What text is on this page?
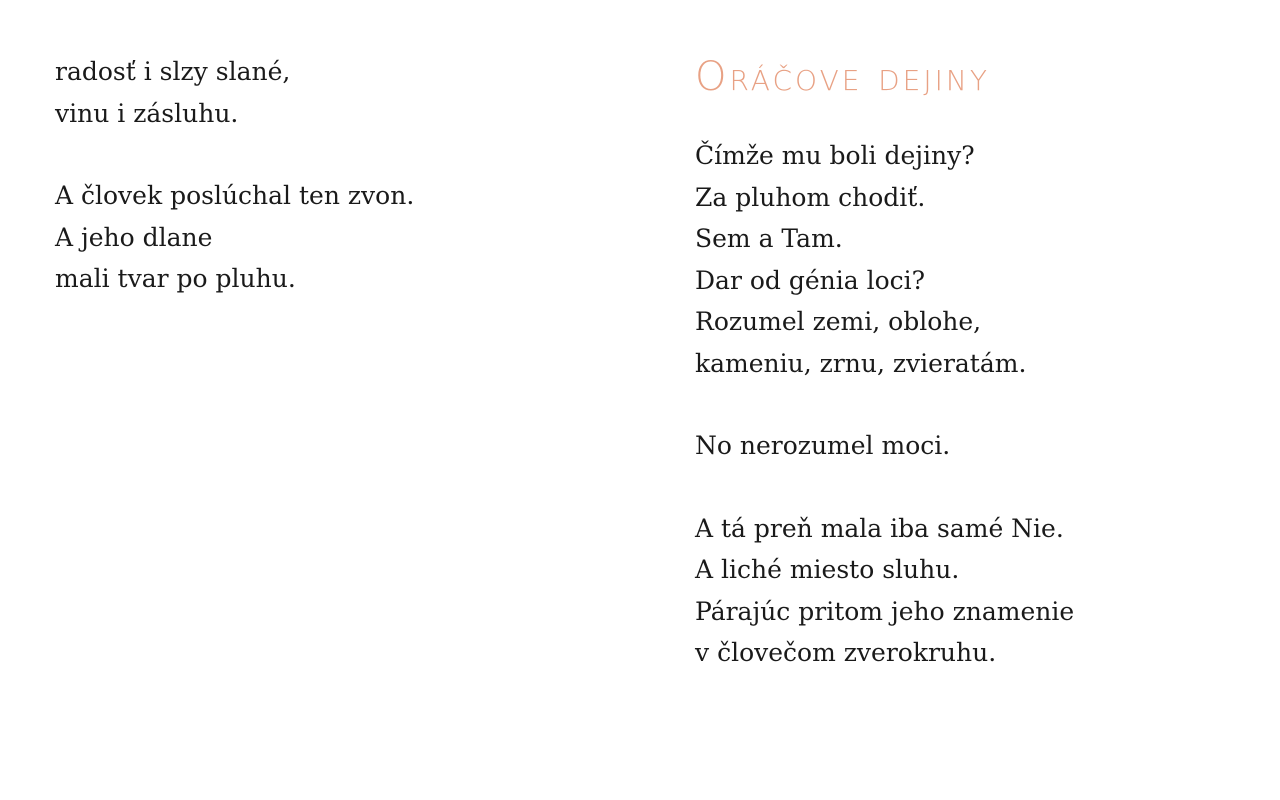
radosť i slzy slané,
vinu i zásluhu.
A človek poslúchal ten zvon.
A jeho dlane
mali tvar po pluhu.
Oráčove dejiny
Čímže mu boli dejiny?
Za pluhom chodiť.
Sem a Tam.
Dar od génia loci?
Rozumel zemi, oblohe,
kameniu, zrnu, zvieratám.
No nerozumel moci.
A tá preň mala iba samé Nie.
A liché miesto sluhu.
Párajúc pritom jeho znamenie
v človečom zverokruhu.
